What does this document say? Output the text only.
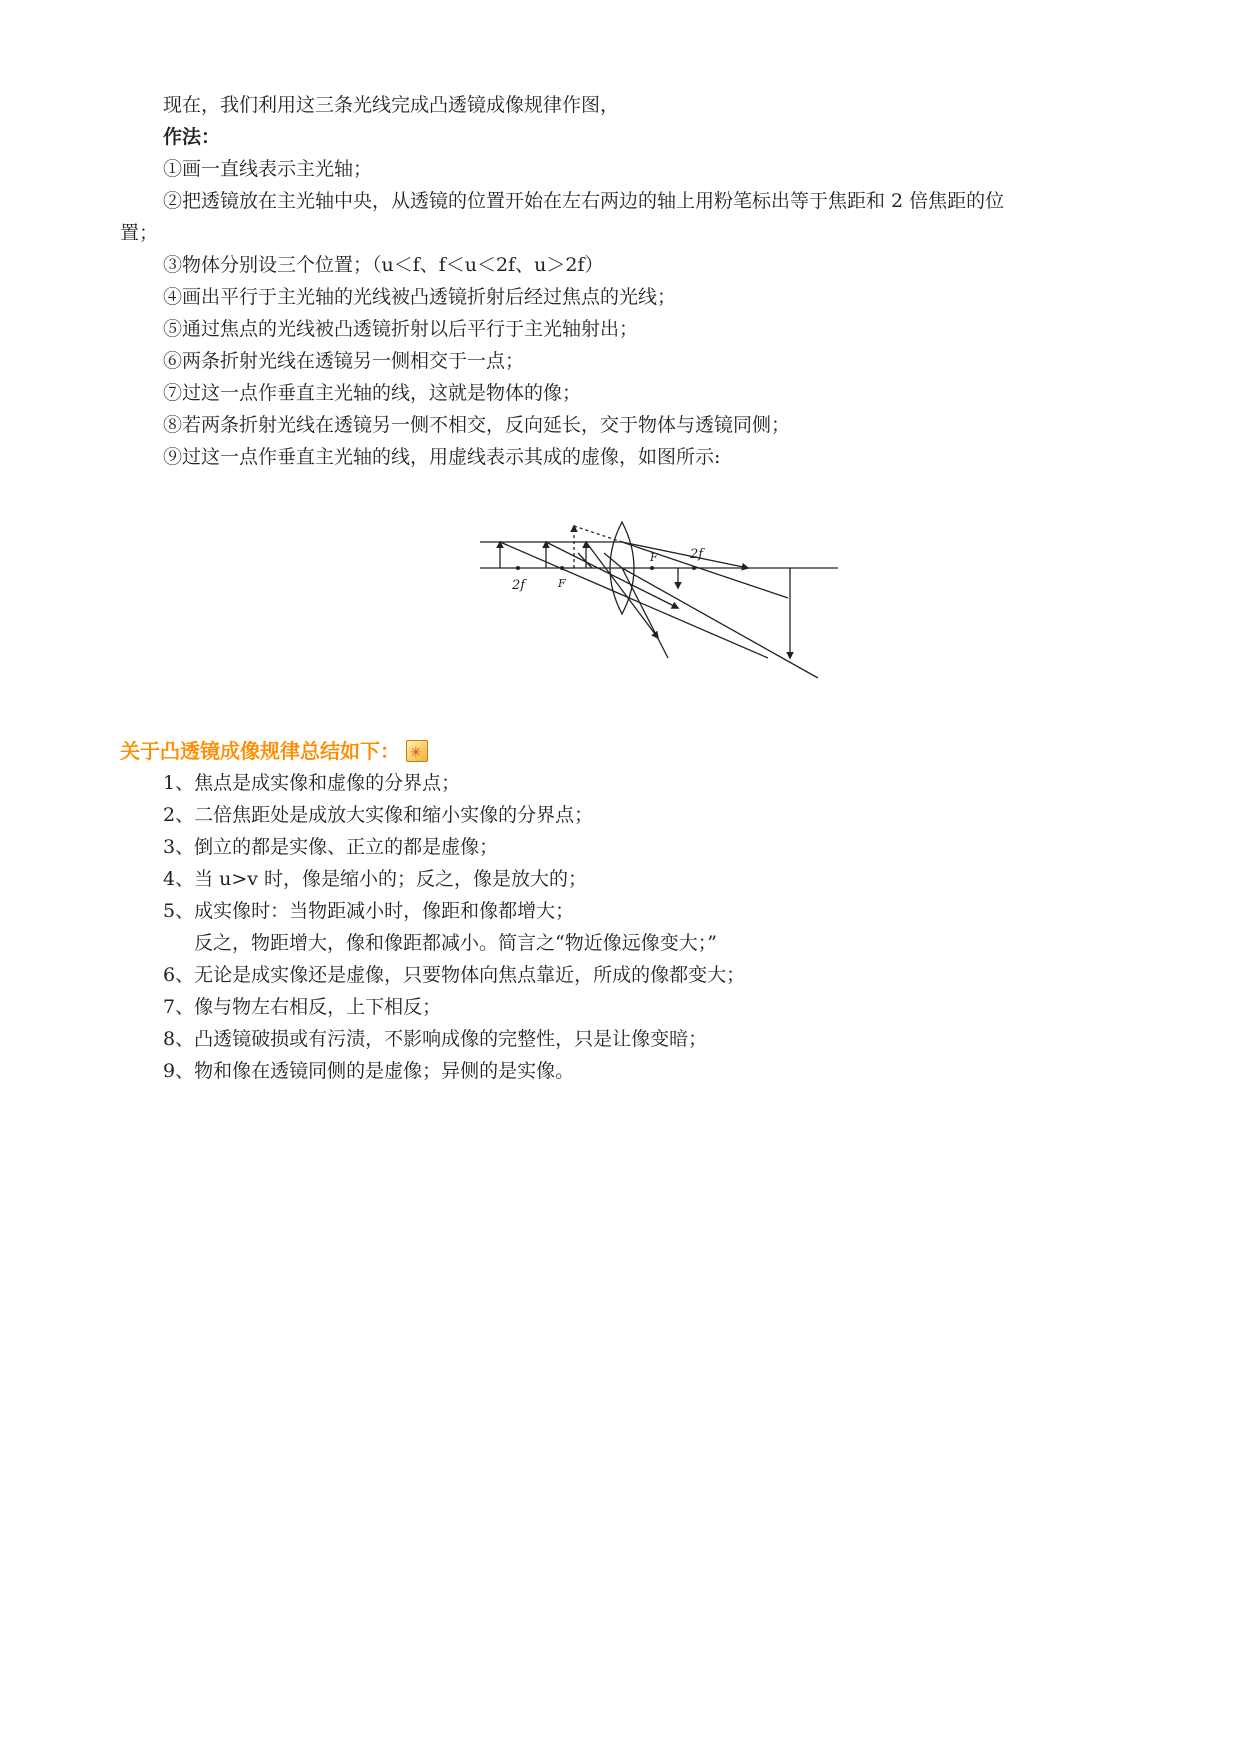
现在，我们利用这三条光线完成凸透镜成像规律作图，
作法：
①画一直线表示主光轴；
②把透镜放在主光轴中央，从透镜的位置开始在左右两边的轴上用粉笔标出等于焦距和 2 倍焦距的位
置；
③物体分别设三个位置；（u＜f、f＜u＜2f、u＞2f）
④画出平行于主光轴的光线被凸透镜折射后经过焦点的光线；
⑤通过焦点的光线被凸透镜折射以后平行于主光轴射出；
⑥两条折射光线在透镜另一侧相交于一点；
⑦过这一点作垂直主光轴的线，这就是物体的像；
⑧若两条折射光线在透镜另一侧不相交，反向延长，交于物体与透镜同侧；
⑨过这一点作垂直主光轴的线，用虚线表示其成的虚像，如图所示:
2f	F
F 2f
关于凸透镜成像规律总结如下：
✳
1、焦点是成实像和虚像的分界点；
2、二倍焦距处是成放大实像和缩小实像的分界点；
3、倒立的都是实像、正立的都是虚像；
4、当 u>v 时，像是缩小的；反之，像是放大的；
5、成实像时：当物距减小时，像距和像都增大；
反之，物距增大，像和像距都减小。简言之“物近像远像变大；”
6、无论是成实像还是虚像，只要物体向焦点靠近，所成的像都变大；
7、像与物左右相反，上下相反；
8、凸透镜破损或有污渍，不影响成像的完整性，只是让像变暗；
9、物和像在透镜同侧的是虚像；异侧的是实像。
